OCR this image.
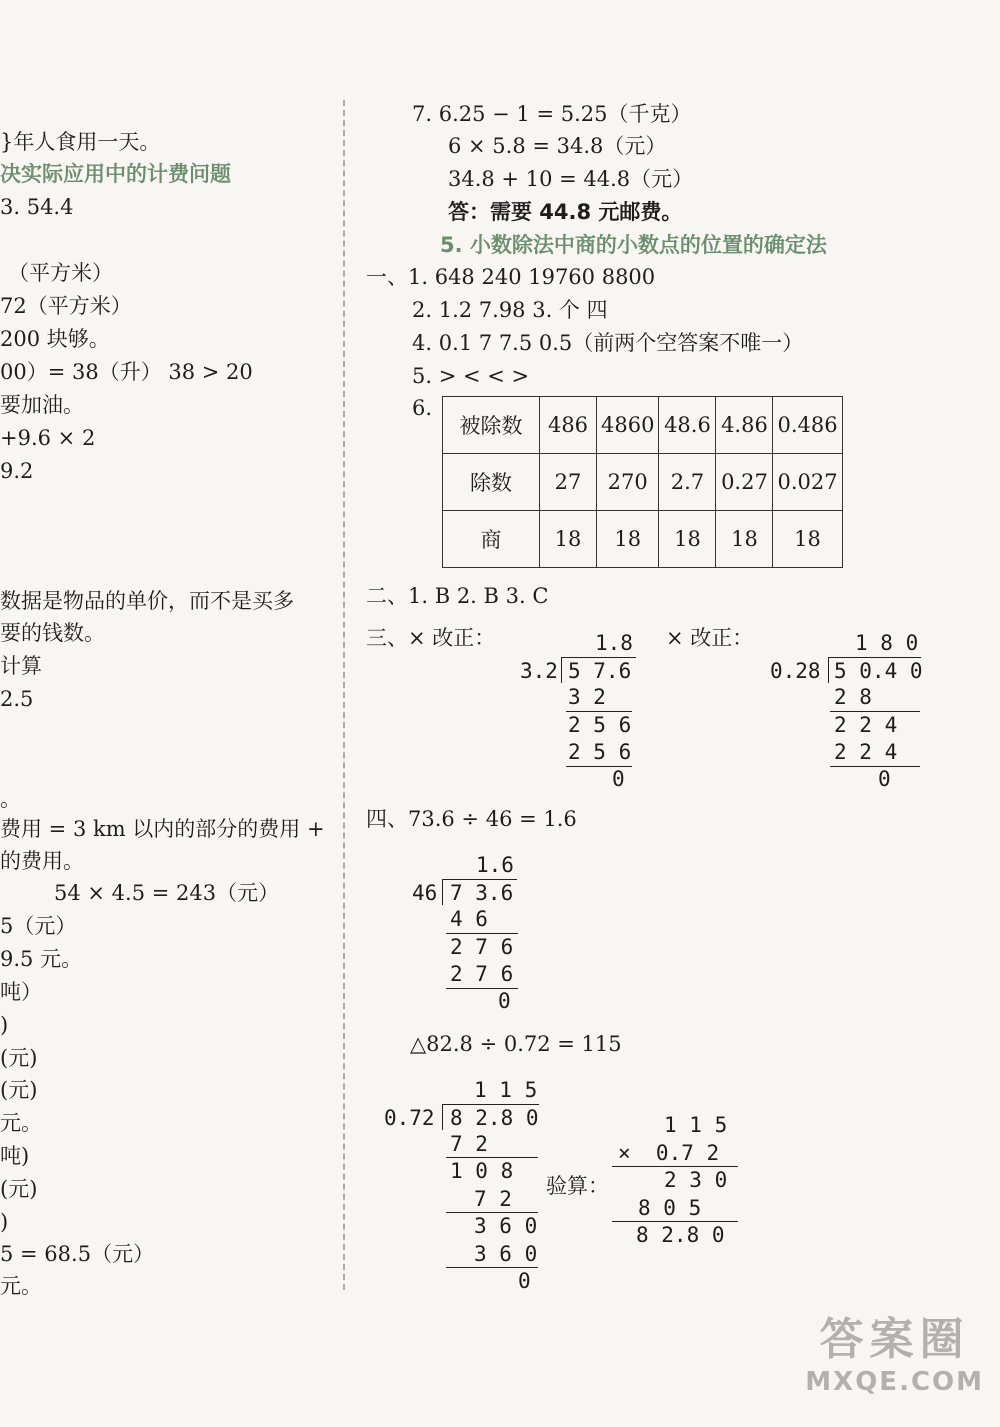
}年人食用一天。
决实际应用中的计费问题
3. 54.4
（平方米）
72（平方米）
200 块够。
00）= 38（升） 38 > 20
要加油。
+9.6 × 2
9.2
数据是物品的单价，而不是买多
要的钱数。
计算
2.5
。
费用 = 3 km 以内的部分的费用 +
的费用。
54 × 4.5 = 243（元）
5（元）
9.5 元。
吨）
)
(元)
(元)
元。
吨)
(元)
)
5 = 68.5（元）
元。
7. 6.25 − 1 = 5.25（千克）
6 × 5.8 = 34.8（元）
34.8 + 10 = 44.8（元）
答：需要 44.8 元邮费。
5. 小数除法中商的小数点的位置的确定法
一、1. 648 240 19760 8800
2. 1.2 7.98 3. 个 四
4. 0.1 7 7.5 0.5（前两个空答案不唯一）
5. > < < >
6.
被除数	486	4860	48.6	4.86	0.486
除数	27	270	2.7	0.27	0.027
商	18	18	18	18	18
二、1. B 2. B 3. C
三、× 改正：	× 改正：
1.8
3.2 5 7.6
3 2
2 5 6
2 5 6
0
1 8 0
0.28 5 0.4 0
2 8
2 2 4
2 2 4
0
四、73.6 ÷ 46 = 1.6
1.6
46 7 3.6
4 6
2 7 6
2 7 6
0
△82.8 ÷ 0.72 = 115
1 1 5
0.72 8 2.8 0
7 2
1 0 8
7 2
3 6 0
3 6 0
0
验算：
1 1 5
×  0.7 2
2 3 0
8 0 5
8 2.8 0
答案圈
MXQE.COM
